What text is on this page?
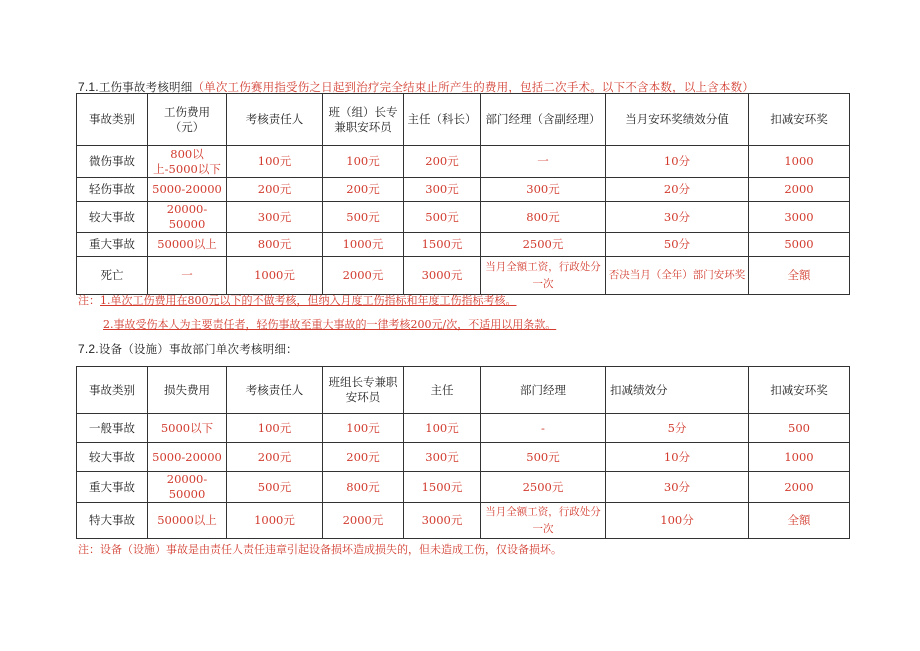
7.1.工伤事故考核明细（单次工伤赛用指受伤之日起到治疗完全结束止所产生的费用，包括二次手术。以下不含本数，以上含本数）
事故类别	工伤费用（元）	考核责任人	班（组）长专兼职安环员	主任（科长）	部门经理（含副经理）	当月安环奖绩效分值	扣减安环奖
微伤事故	800以上-5000以下	100元	100元	200元	一	10分	1000
轻伤事故	5000-20000	200元	200元	300元	300元	20分	2000
较大事故	20000-50000	300元	500元	500元	800元	30分	3000
重大事故	50000以上	800元	1000元	1500元	2500元	50分	5000
死亡	一	1000元	2000元	3000元	当月全額工资，行政处分一次	否决当月（全年）部门安环奖	全額
注：1.单次工伤费用在800元以下的不做考核，但纳入月度工伤指标和年度工伤指标考核。
2.事故受伤本人为主要责任者，轻伤事故至重大事故的一律考核200元/次，不适用以用条款。
7.2.设备（设施）事故部门单次考核明细：
事故类别	损失费用	考核责任人	班组长专兼职安环员	主任	部门经理	扣减绩效分	扣减安环奖
一般事故	5000以下	100元	100元	100元	-	5分	500
较大事故	5000-20000	200元	200元	300元	500元	10分	1000
重大事故	20000-50000	500元	800元	1500元	2500元	30分	2000
特大事故	50000以上	1000元	2000元	3000元	当月全额工资，行政处分一次	100分	全額
注：设备（设施）事故是由责任人责任违章引起设备损坏造成损失的，但未造成工伤，仅设备损坏。
